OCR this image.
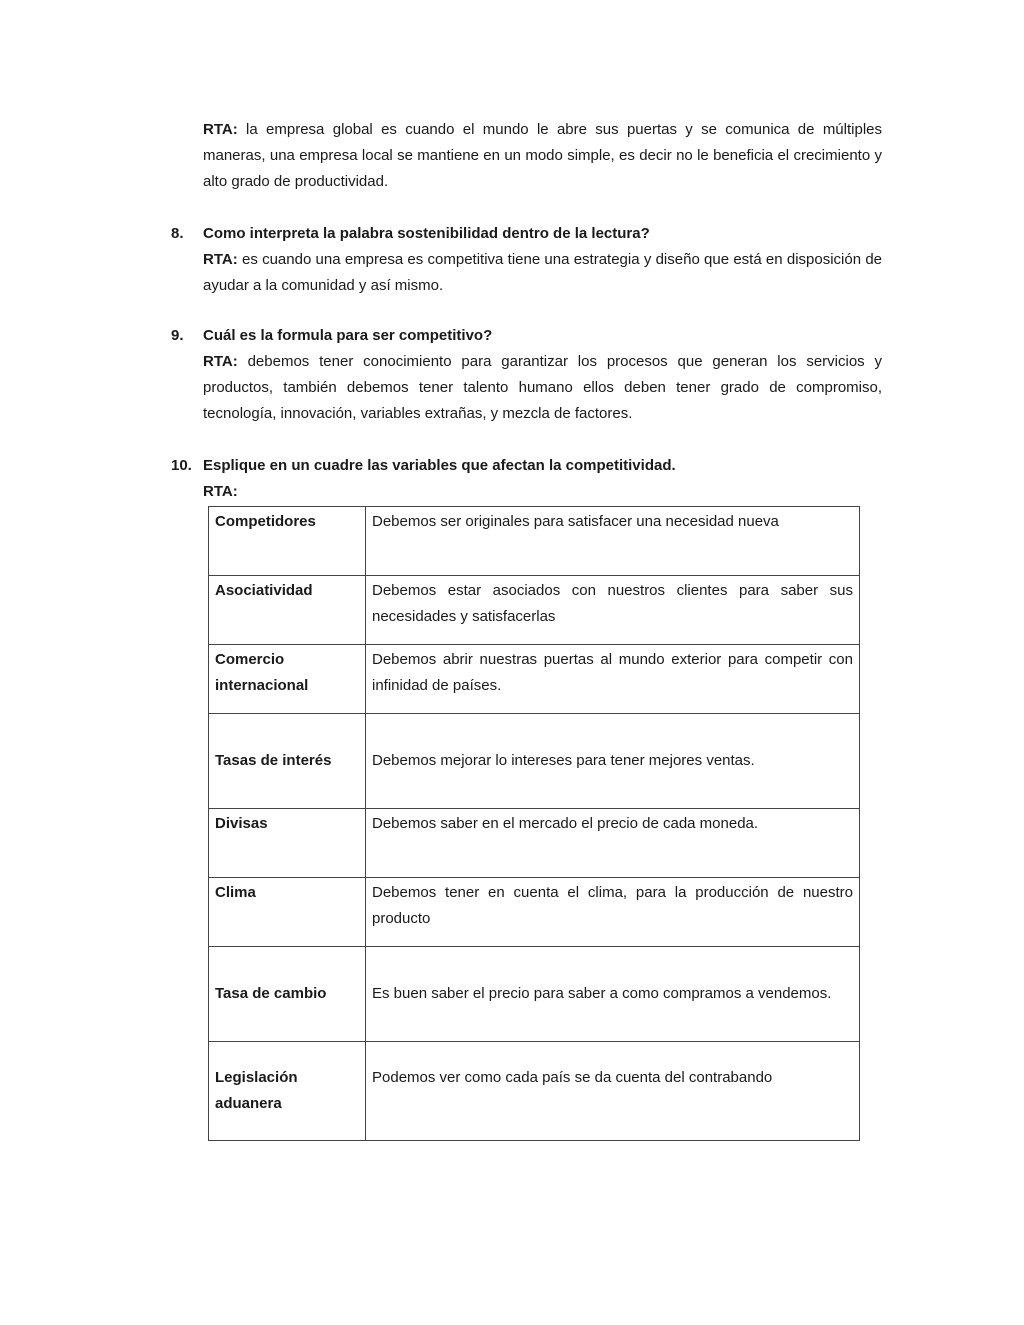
RTA: la empresa global es cuando el mundo le abre sus puertas y se comunica de múltiples maneras, una empresa local se mantiene en un modo simple, es decir no le beneficia el crecimiento y alto grado de productividad.

8. Como interpreta la palabra sostenibilidad dentro de la lectura?

RTA: es cuando una empresa es competitiva tiene una estrategia y diseño que está en disposición de ayudar a la comunidad y así mismo.

9. Cuál es la formula para ser competitivo?

RTA: debemos tener conocimiento para garantizar los procesos que generan los servicios y productos, también debemos tener talento humano ellos deben tener grado de compromiso, tecnología, innovación, variables extrañas, y mezcla de factores.

10. Esplique en un cuadre las variables que afectan la competitividad.

RTA:

Competidores	Debemos ser originales para satisfacer una necesidad nueva
Asociatividad	Debemos estar asociados con nuestros clientes para saber sus necesidades y satisfacerlas
Comercio internacional	Debemos abrir nuestras puertas al mundo exterior para competir con infinidad de países.
Tasas de interés	Debemos mejorar lo intereses para tener mejores ventas.
Divisas	Debemos saber en el mercado el precio de cada moneda.
Clima	Debemos tener en cuenta el clima, para la producción de nuestro producto
Tasa de cambio	Es buen saber el precio para saber a como compramos a vendemos.
Legislación aduanera	Podemos ver como cada país se da cuenta del contrabando
